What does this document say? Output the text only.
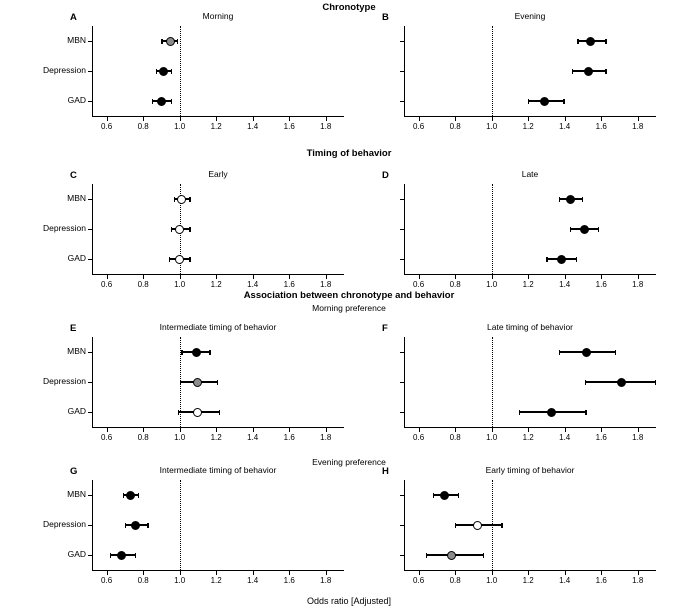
Chronotype
Timing of behavior
Association between chronotype and behavior
Morning preference
Evening preference
A	Morning
0.6	0.8	1.0	1.2	1.4	1.6	1.8
MBN
Depression
GAD
B	Evening
0.6	0.8	1.0	1.2	1.4	1.6	1.8
C	Early
0.6	0.8	1.0	1.2	1.4	1.6	1.8
MBN
Depression
GAD
D	Late
0.6	0.8	1.0	1.2	1.4	1.6	1.8
E	Intermediate timing of behavior
0.6	0.8	1.0	1.2	1.4	1.6	1.8
MBN
Depression
GAD
F	Late timing of behavior
0.6	0.8	1.0	1.2	1.4	1.6	1.8
G	Intermediate timing of behavior
0.6	0.8	1.0	1.2	1.4	1.6	1.8
MBN
Depression
GAD
H	Early timing of behavior
0.6	0.8	1.0	1.2	1.4	1.6	1.8
Odds ratio [Adjusted]
